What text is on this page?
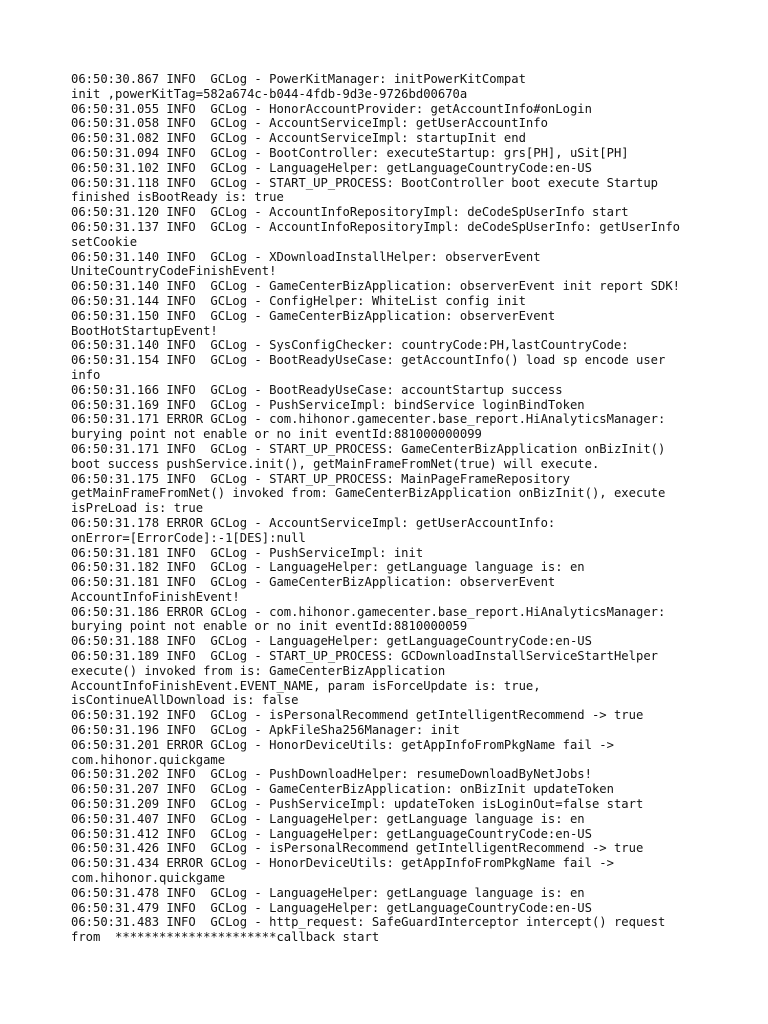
06:50:30.867 INFO  GCLog - PowerKitManager: initPowerKitCompat
init ,powerKitTag=582a674c-b044-4fdb-9d3e-9726bd00670a
06:50:31.055 INFO  GCLog - HonorAccountProvider: getAccountInfo#onLogin
06:50:31.058 INFO  GCLog - AccountServiceImpl: getUserAccountInfo
06:50:31.082 INFO  GCLog - AccountServiceImpl: startupInit end
06:50:31.094 INFO  GCLog - BootController: executeStartup: grs[PH], uSit[PH]
06:50:31.102 INFO  GCLog - LanguageHelper: getLanguageCountryCode:en-US
06:50:31.118 INFO  GCLog - START_UP_PROCESS: BootController boot execute Startup
finished isBootReady is: true
06:50:31.120 INFO  GCLog - AccountInfoRepositoryImpl: deCodeSpUserInfo start
06:50:31.137 INFO  GCLog - AccountInfoRepositoryImpl: deCodeSpUserInfo: getUserInfo
setCookie
06:50:31.140 INFO  GCLog - XDownloadInstallHelper: observerEvent
UniteCountryCodeFinishEvent!
06:50:31.140 INFO  GCLog - GameCenterBizApplication: observerEvent init report SDK!
06:50:31.144 INFO  GCLog - ConfigHelper: WhiteList config init
06:50:31.150 INFO  GCLog - GameCenterBizApplication: observerEvent
BootHotStartupEvent!
06:50:31.140 INFO  GCLog - SysConfigChecker: countryCode:PH,lastCountryCode:
06:50:31.154 INFO  GCLog - BootReadyUseCase: getAccountInfo() load sp encode user
info
06:50:31.166 INFO  GCLog - BootReadyUseCase: accountStartup success
06:50:31.169 INFO  GCLog - PushServiceImpl: bindService loginBindToken
06:50:31.171 ERROR GCLog - com.hihonor.gamecenter.base_report.HiAnalyticsManager:
burying point not enable or no init eventId:881000000099
06:50:31.171 INFO  GCLog - START_UP_PROCESS: GameCenterBizApplication onBizInit()
boot success pushService.init(), getMainFrameFromNet(true) will execute.
06:50:31.175 INFO  GCLog - START_UP_PROCESS: MainPageFrameRepository
getMainFrameFromNet() invoked from: GameCenterBizApplication onBizInit(), execute
isPreLoad is: true
06:50:31.178 ERROR GCLog - AccountServiceImpl: getUserAccountInfo:
onError=[ErrorCode]:-1[DES]:null
06:50:31.181 INFO  GCLog - PushServiceImpl: init
06:50:31.182 INFO  GCLog - LanguageHelper: getLanguage language is: en
06:50:31.181 INFO  GCLog - GameCenterBizApplication: observerEvent
AccountInfoFinishEvent!
06:50:31.186 ERROR GCLog - com.hihonor.gamecenter.base_report.HiAnalyticsManager:
burying point not enable or no init eventId:8810000059
06:50:31.188 INFO  GCLog - LanguageHelper: getLanguageCountryCode:en-US
06:50:31.189 INFO  GCLog - START_UP_PROCESS: GCDownloadInstallServiceStartHelper
execute() invoked from is: GameCenterBizApplication
AccountInfoFinishEvent.EVENT_NAME, param isForceUpdate is: true,
isContinueAllDownload is: false
06:50:31.192 INFO  GCLog - isPersonalRecommend getIntelligentRecommend -> true
06:50:31.196 INFO  GCLog - ApkFileSha256Manager: init
06:50:31.201 ERROR GCLog - HonorDeviceUtils: getAppInfoFromPkgName fail ->
com.hihonor.quickgame
06:50:31.202 INFO  GCLog - PushDownloadHelper: resumeDownloadByNetJobs!
06:50:31.207 INFO  GCLog - GameCenterBizApplication: onBizInit updateToken
06:50:31.209 INFO  GCLog - PushServiceImpl: updateToken isLoginOut=false start
06:50:31.407 INFO  GCLog - LanguageHelper: getLanguage language is: en
06:50:31.412 INFO  GCLog - LanguageHelper: getLanguageCountryCode:en-US
06:50:31.426 INFO  GCLog - isPersonalRecommend getIntelligentRecommend -> true
06:50:31.434 ERROR GCLog - HonorDeviceUtils: getAppInfoFromPkgName fail ->
com.hihonor.quickgame
06:50:31.478 INFO  GCLog - LanguageHelper: getLanguage language is: en
06:50:31.479 INFO  GCLog - LanguageHelper: getLanguageCountryCode:en-US
06:50:31.483 INFO  GCLog - http_request: SafeGuardInterceptor intercept() request
from  **********************callback start
